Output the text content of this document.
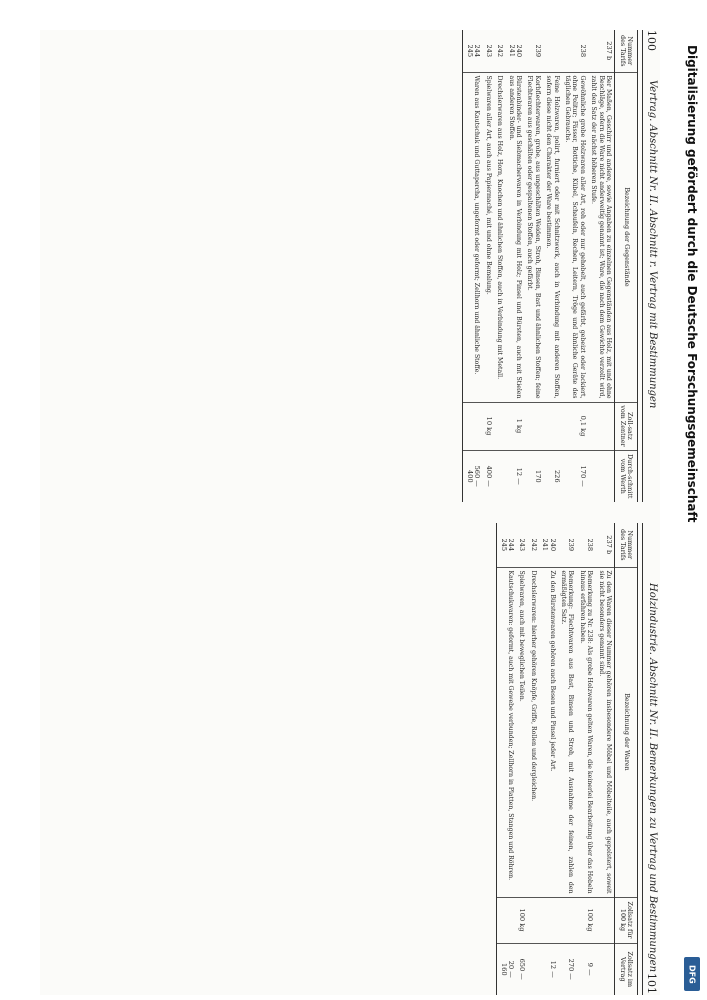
100
Vertrag. Abschnitt Nr. II. Abschnitt r. Vertrag mit Bestimmungen
Nummer des Tarifs	Bezeichnung der Gegenstände	Zoll-satz vom Zentner	Durch-schnitt vom Werth
237 b	Ber Maßen, Geschirr und andere, sowie Angaben zu einzelnen Gegenständen aus Holz, mit und ohne Beschläge, sofern die Ware nicht anderweitig genannt ist; Ware, die nach dem Gewichte verzollt wird, zahlt den Satz der nächst höheren Stufe.		
238	Gewöhnliche grobe Holzwaren aller Art, roh oder nur gehobelt, auch gefärbt, gebeizt oder lackiert, ohne Politur; Fässer, Bottiche, Kübel, Schaufeln, Rechen, Leitern, Tröge und ähnliche Geräte des täglichen Gebrauchs.	0,1 kg	170 —
	Feine Holzwaren, polirt, furniert oder mit Schnitzwerk, auch in Verbindung mit anderen Stoffen, sofern diese nicht den Charakter der Ware bestimmen.		226
239	Korbflechterwaren, grobe, aus ungeschälten Weiden, Stroh, Binsen, Bast und ähnlichen Stoffen; feine Flechtwaren aus geschälten oder gespaltenen Stoffen, auch gefärbt.		170
240
241	Bürstenbinder- und Siebmacherwaren in Verbindung mit Holz; Pinsel und Bürsten, auch mit Stielen aus anderen Stoffen.	1 kg	12 —
242	Drechslerwaren aus Holz, Horn, Knochen und ähnlichen Stoffen, auch in Verbindung mit Metall.		
243	Spielwaren aller Art, auch aus Papiermaché, mit und ohne Bemalung.	10 kg	400 —
244
245	Waren aus Kautschuk und Guttapercha, ungeformt oder geformt; Zellhorn und ähnliche Stoffe.		560 —
400
Holzindustrie. Abschnitt Nr. II. Bemerkungen zu Vertrag und Bestimmungen
101
Nummer des Tarifs	Bezeichnung der Waren	Zollsatz für 100 kg	Zollsatz im Vertrag
237 b	Zu den Waren dieser Nummer gehören insbesondere Möbel und Möbelteile, auch gepolstert, soweit sie nicht besonders genannt sind.		
238	Bemerkung zu Nr. 238: Als grobe Holzwaren gelten Waren, die keinerlei Bearbeitung über das Hobeln hinaus erfahren haben.	100 kg	9 —
239	Bemerkung: Flechtwaren aus Bast, Binsen und Stroh, mit Ausnahme der feinen, zahlen den ermäßigten Satz.		270 —
240
241	Zu den Bürstenwaren gehören auch Besen und Pinsel jeder Art.		12 —
242	Drechslerwaren: hierher gehören Knöpfe, Griffe, Rollen und dergleichen.		
243	Spielwaren, auch mit beweglichen Teilen.	100 kg	650 —
244
245	Kautschukwaren: geformt, auch mit Gewebe verbunden; Zellhorn in Platten, Stangen und Röhren.		20 —
160
Digitalisierung gefördert durch die Deutsche Forschungsgemeinschaft
DFG
